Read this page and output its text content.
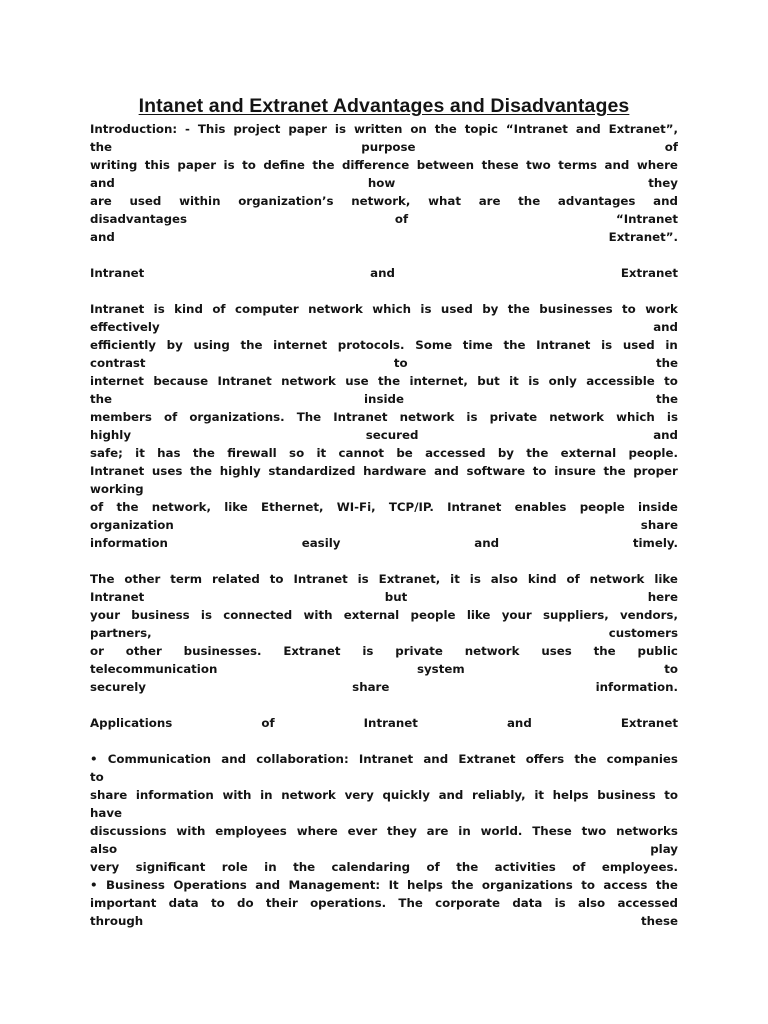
Intanet and Extranet Advantages and Disadvantages
Introduction: - This project paper is written on the topic “Intranet and Extranet”,
the	purpose	of
writing this paper is to define the difference between these two terms and where
and	how	they
are used within organization’s network, what are the advantages and
disadvantages	of	“Intranet
and	Extranet”.
Intranet	and	Extranet
Intranet is kind of computer network which is used by the businesses to work
effectively	and
efficiently by using the internet protocols. Some time the Intranet is used in
contrast	to	the
internet because Intranet network use the internet, but it is only accessible to
the	inside	the
members of organizations. The Intranet network is private network which is
highly	secured	and
safe; it has the firewall so it cannot be accessed by the external people.
Intranet uses the highly standardized hardware and software to insure the proper
working
of the network, like Ethernet, WI-Fi, TCP/IP. Intranet enables people inside
organization	share
information	easily	and	timely.
The other term related to Intranet is Extranet, it is also kind of network like
Intranet	but	here
your business is connected with external people like your suppliers, vendors,
partners,	customers
or other businesses. Extranet is private network uses the public
telecommunication	system	to
securely	share	information.
Applications	of	Intranet	and	Extranet
• Communication and collaboration: Intranet and Extranet offers the companies
to
share information with in network very quickly and reliably, it helps business to
have
discussions with employees where ever they are in world. These two networks
also	play
very significant role in the calendaring of the activities of employees.
• Business Operations and Management: It helps the organizations to access the
important data to do their operations. The corporate data is also accessed
through	these
